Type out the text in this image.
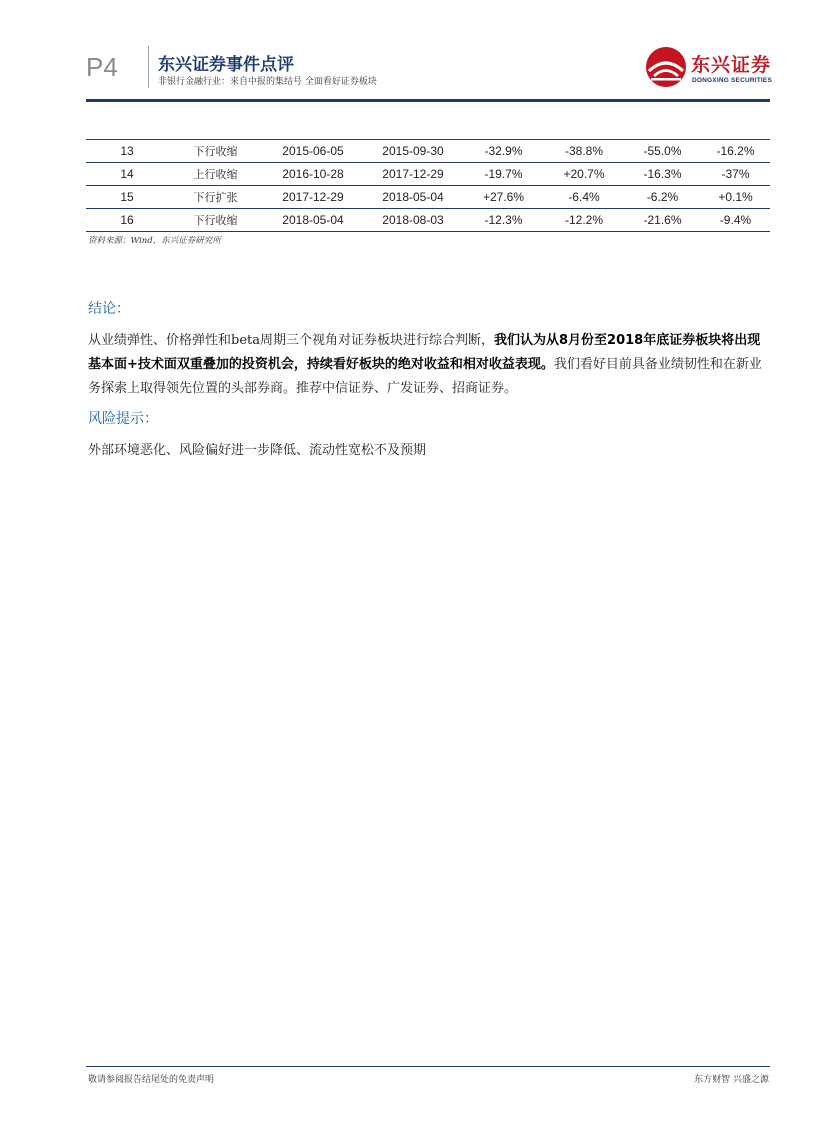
P4 东兴证券事件点评
非银行金融行业：来自中报的集结号 全面看好证券板块
东兴证券
DONGXING SECURITIES
13	下行收缩	2015-06-05	2015-09-30	-32.9%	-38.8%	-55.0%	-16.2%
14	上行收缩	2016-10-28	2017-12-29	-19.7%	+20.7%	-16.3%	-37%
15	下行扩张	2017-12-29	2018-05-04	+27.6%	-6.4%	-6.2%	+0.1%
16	下行收缩	2018-05-04	2018-08-03	-12.3%	-12.2%	-21.6%	-9.4%
资料来源：Wind，东兴证券研究所
结论：
从业绩弹性、价格弹性和beta周期三个视角对证券板块进行综合判断，我们认为从8月份至2018年底证券板块将出现基本面+技术面双重叠加的投资机会，持续看好板块的绝对收益和相对收益表现。我们看好目前具备业绩韧性和在新业务探索上取得领先位置的头部券商。推荐中信证券、广发证券、招商证券。
风险提示：
外部环境恶化、风险偏好进一步降低、流动性宽松不及预期
敬请参阅报告结尾处的免责声明	东方财智 兴盛之源
